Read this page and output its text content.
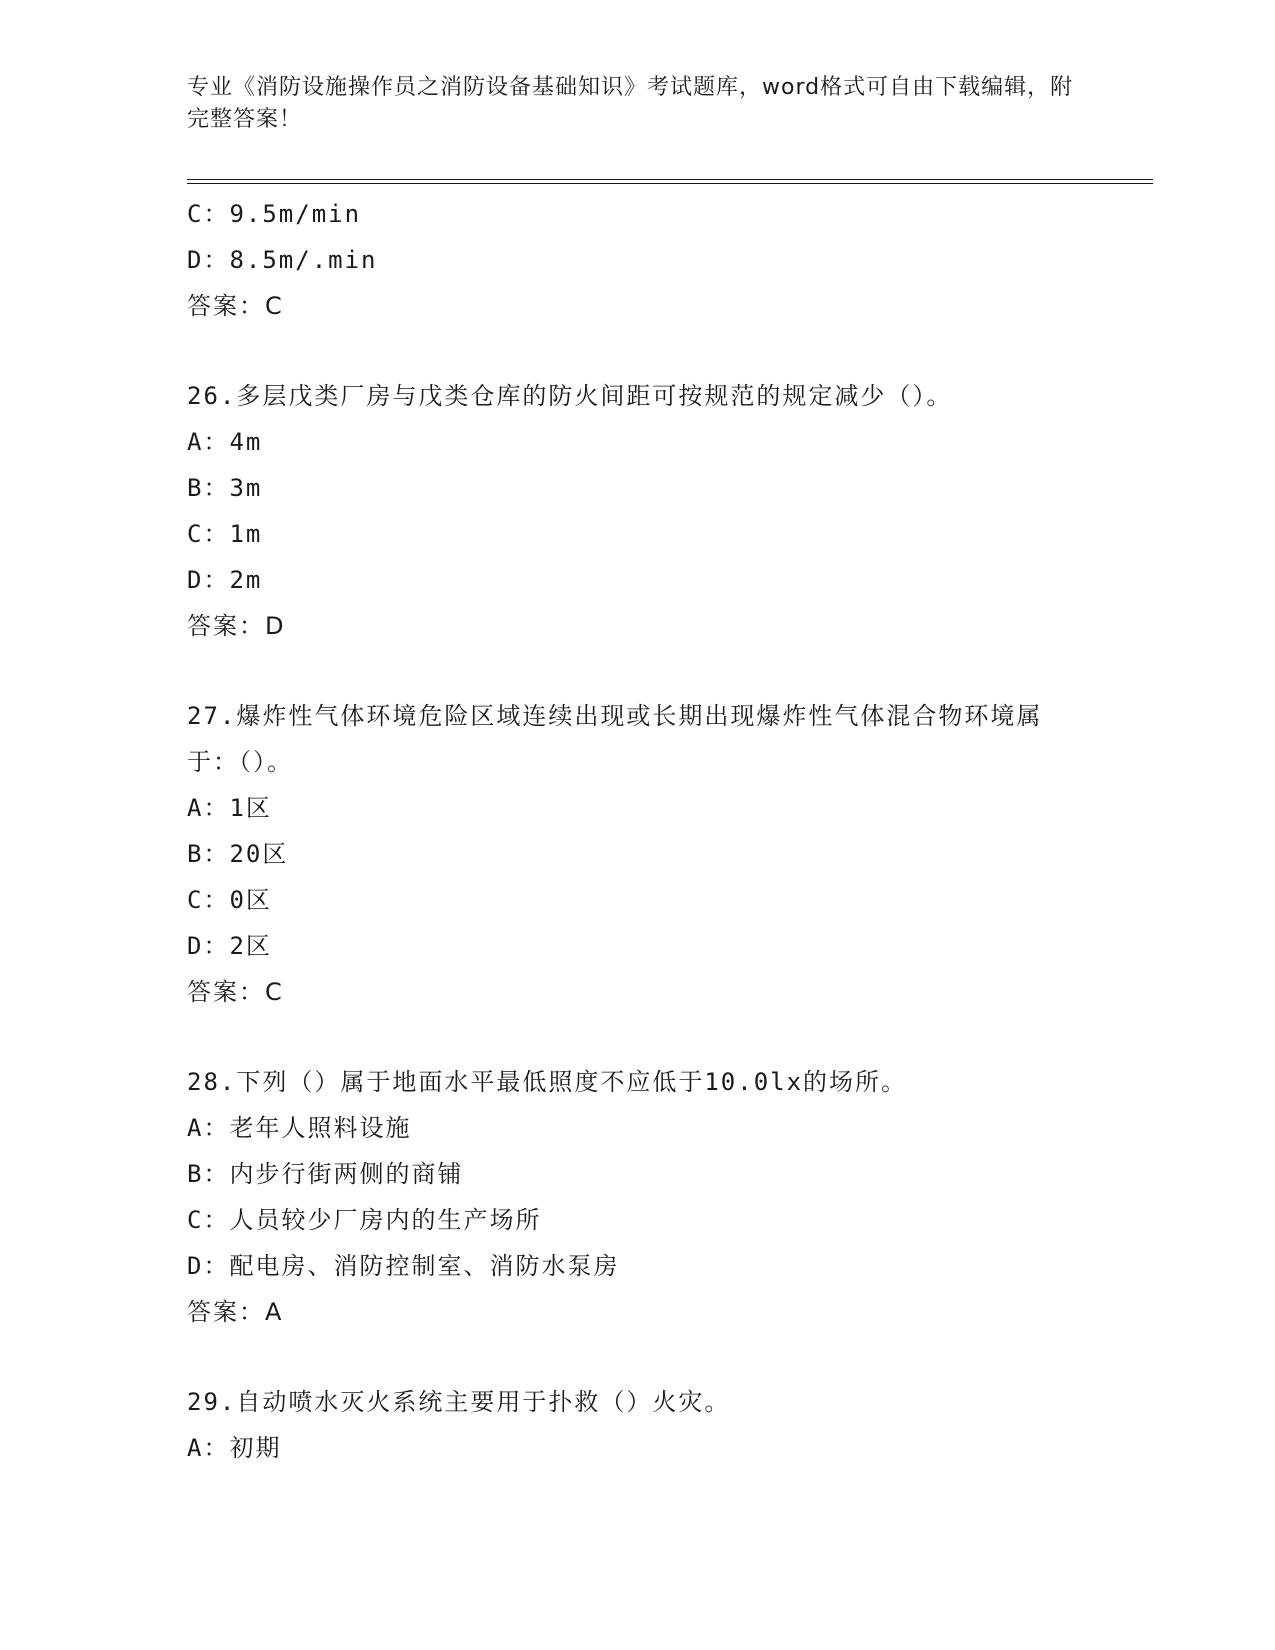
专业《消防设施操作员之消防设备基础知识》考试题库，word格式可自由下载编辑，附完整答案！
C：9.5m/min
D：8.5m/.min
答案：C
26.多层戊类厂房与戊类仓库的防火间距可按规范的规定减少（）。
A：4m
B：3m
C：1m
D：2m
答案：D
27.爆炸性气体环境危险区域连续出现或长期出现爆炸性气体混合物环境属于：（）。
A：1区
B：20区
C：0区
D：2区
答案：C
28.下列（）属于地面水平最低照度不应低于10.0lx的场所。
A：老年人照料设施
B：内步行街两侧的商铺
C：人员较少厂房内的生产场所
D：配电房、消防控制室、消防水泵房
答案：A
29.自动喷水灭火系统主要用于扑救（）火灾。
A：初期
